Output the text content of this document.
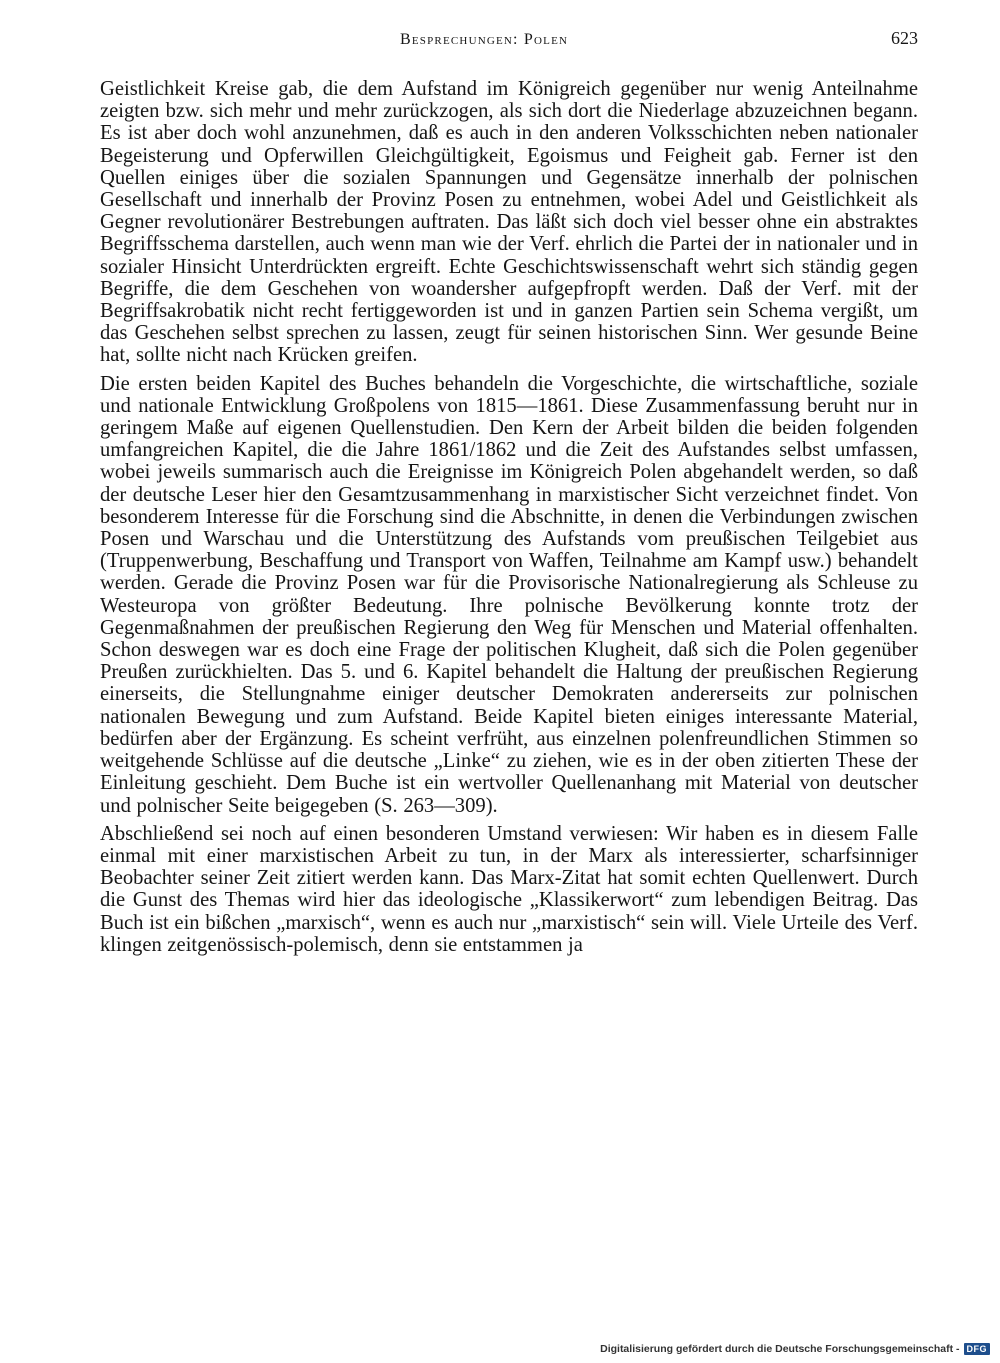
Besprechungen: Polen	623

Geistlichkeit Kreise gab, die dem Aufstand im Königreich gegenüber nur wenig Anteilnahme zeigten bzw. sich mehr und mehr zurückzogen, als sich dort die Niederlage abzuzeichnen begann. Es ist aber doch wohl anzunehmen, daß es auch in den anderen Volksschichten neben nationaler Begeisterung und Opferwillen Gleichgültigkeit, Egoismus und Feigheit gab. Ferner ist den Quellen einiges über die sozialen Spannungen und Gegensätze innerhalb der polnischen Gesellschaft und innerhalb der Provinz Posen zu entnehmen, wobei Adel und Geistlichkeit als Gegner revolutionärer Bestrebungen auftraten. Das läßt sich doch viel besser ohne ein abstraktes Begriffsschema darstellen, auch wenn man wie der Verf. ehrlich die Partei der in nationaler und in sozialer Hinsicht Unterdrückten ergreift. Echte Geschichtswissenschaft wehrt sich ständig gegen Begriffe, die dem Geschehen von woandersher aufgepfropft werden. Daß der Verf. mit der Begriffsakrobatik nicht recht fertiggeworden ist und in ganzen Partien sein Schema vergißt, um das Geschehen selbst sprechen zu lassen, zeugt für seinen historischen Sinn. Wer gesunde Beine hat, sollte nicht nach Krücken greifen.

Die ersten beiden Kapitel des Buches behandeln die Vorgeschichte, die wirtschaftliche, soziale und nationale Entwicklung Großpolens von 1815—1861. Diese Zusammenfassung beruht nur in geringem Maße auf eigenen Quellenstudien. Den Kern der Arbeit bilden die beiden folgenden umfangreichen Kapitel, die die Jahre 1861/1862 und die Zeit des Aufstandes selbst umfassen, wobei jeweils summarisch auch die Ereignisse im Königreich Polen abgehandelt werden, so daß der deutsche Leser hier den Gesamtzusammenhang in marxistischer Sicht verzeichnet findet. Von besonderem Interesse für die Forschung sind die Abschnitte, in denen die Verbindungen zwischen Posen und Warschau und die Unterstützung des Aufstands vom preußischen Teilgebiet aus (Truppenwerbung, Beschaffung und Transport von Waffen, Teilnahme am Kampf usw.) behandelt werden. Gerade die Provinz Posen war für die Provisorische Nationalregierung als Schleuse zu Westeuropa von größter Bedeutung. Ihre polnische Bevölkerung konnte trotz der Gegenmaßnahmen der preußischen Regierung den Weg für Menschen und Material offenhalten. Schon deswegen war es doch eine Frage der politischen Klugheit, daß sich die Polen gegenüber Preußen zurückhielten. Das 5. und 6. Kapitel behandelt die Haltung der preußischen Regierung einerseits, die Stellungnahme einiger deutscher Demokraten andererseits zur polnischen nationalen Bewegung und zum Aufstand. Beide Kapitel bieten einiges interessante Material, bedürfen aber der Ergänzung. Es scheint verfrüht, aus einzelnen polenfreundlichen Stimmen so weitgehende Schlüsse auf die deutsche „Linke“ zu ziehen, wie es in der oben zitierten These der Einleitung geschieht. Dem Buche ist ein wertvoller Quellenanhang mit Material von deutscher und polnischer Seite beigegeben (S. 263—309).

Abschließend sei noch auf einen besonderen Umstand verwiesen: Wir haben es in diesem Falle einmal mit einer marxistischen Arbeit zu tun, in der Marx als interessierter, scharfsinniger Beobachter seiner Zeit zitiert werden kann. Das Marx-Zitat hat somit echten Quellenwert. Durch die Gunst des Themas wird hier das ideologische „Klassikerwort“ zum lebendigen Beitrag. Das Buch ist ein bißchen „marxisch“, wenn es auch nur „marxistisch“ sein will. Viele Urteile des Verf. klingen zeitgenössisch-polemisch, denn sie entstammen ja

Digitalisierung gefördert durch die Deutsche Forschungsgemeinschaft - DFG
